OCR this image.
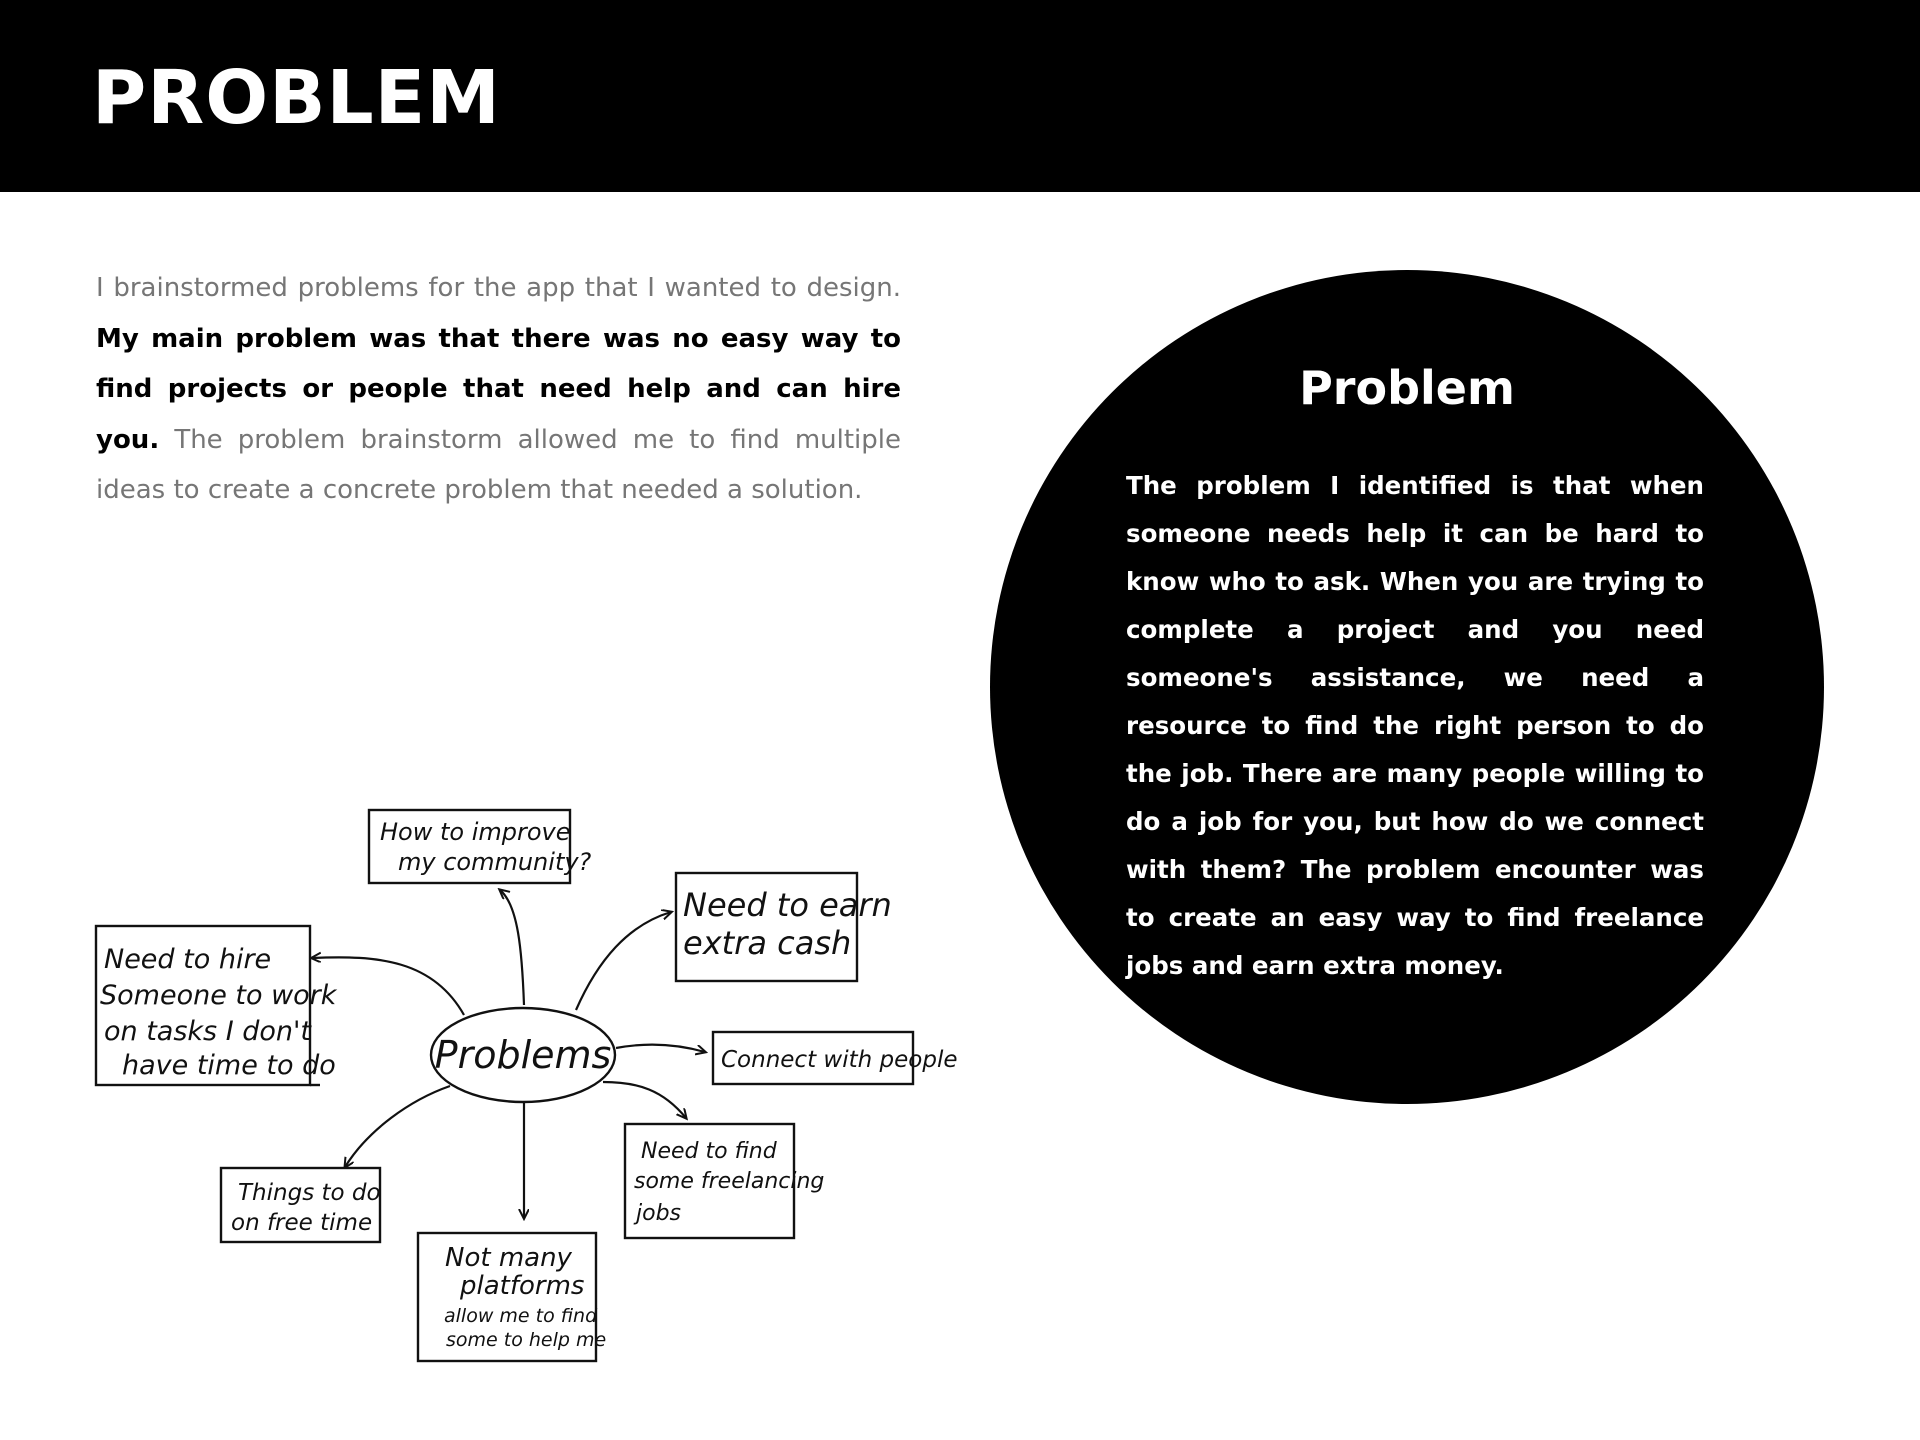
PROBLEM

I brainstormed problems for the app that I wanted to design. My main problem was that there was no easy way to find projects or people that need help and can hire you. The problem brainstorm allowed me to find multiple ideas to create a concrete problem that needed a solution.

Problems
How to improve
my community?
Need to earn
extra cash
Need to hire
Someone to work
on tasks I don't
have time to do	Connect with people
Need to find
some freelancing
jobs
Things to do
on free time
Not many
platforms
allow me to find
some to help me
Problem

The problem I identified is that when someone needs help it can be hard to know who to ask. When you are trying to complete a project and you need someone's assistance, we need a resource to find the right person to do the job. There are many people willing to do a job for you, but how do we connect with them? The problem encounter was to create an easy way to find freelance jobs and earn extra money.
